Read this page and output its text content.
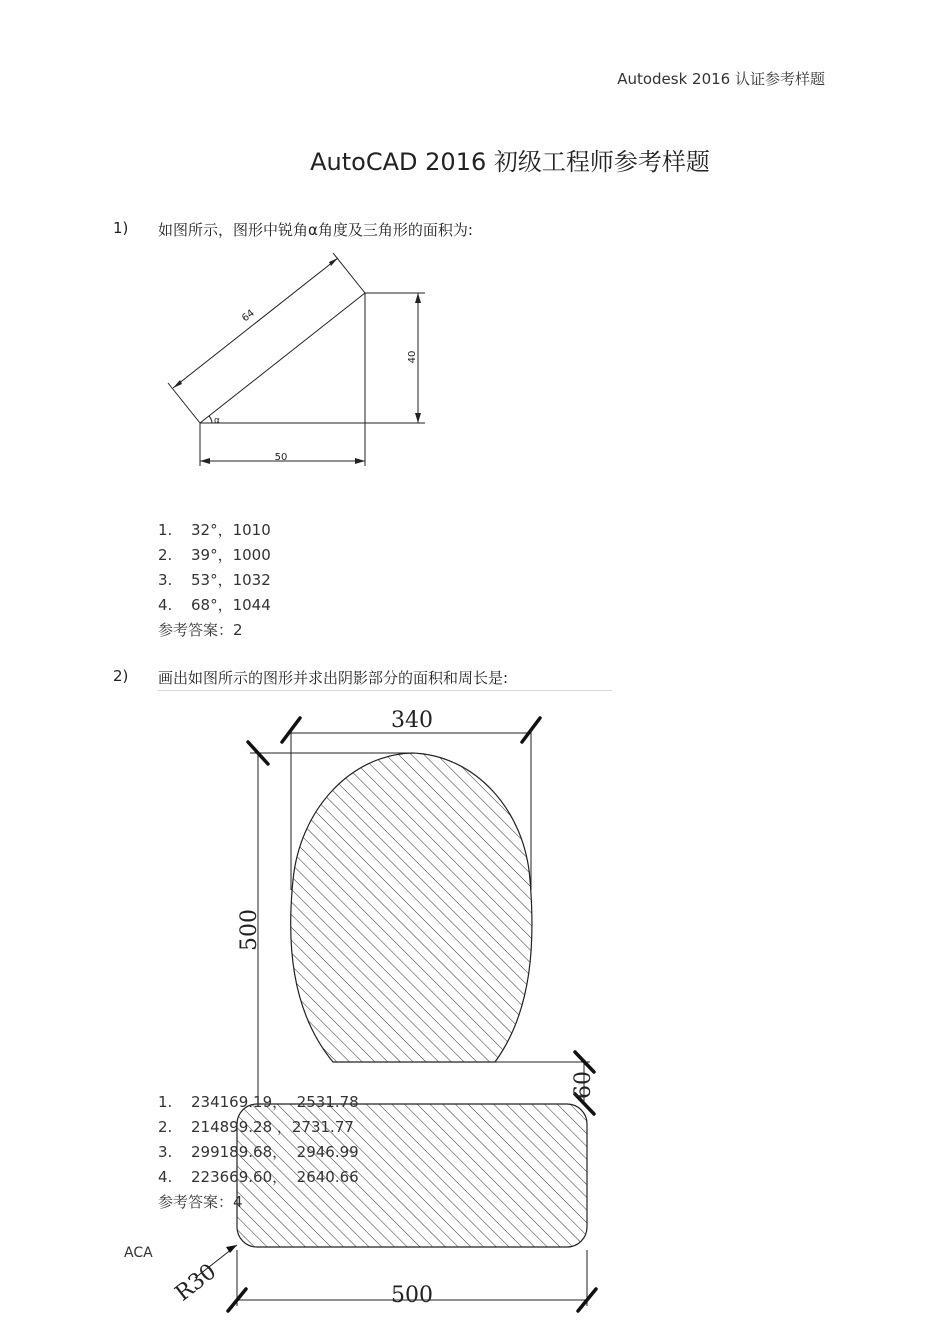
Autodesk 2016 认证参考样题
AutoCAD 2016 初级工程师参考样题
1) 如图所示，图形中锐角α角度及三角形的面积为:
50
40
64
α
1. 32°，1010
2. 39°，1000
3. 53°，1032
4. 68°，1044
参考答案：2
2) 画出如图所示的图形并求出阴影部分的面积和周长是:
340
500
60
R30	500
1. 234169.19，  2531.78
2. 214899.28 ，2731.77
3. 299189.68，  2946.99
4. 223669.60，  2640.66
参考答案：4
ACA
